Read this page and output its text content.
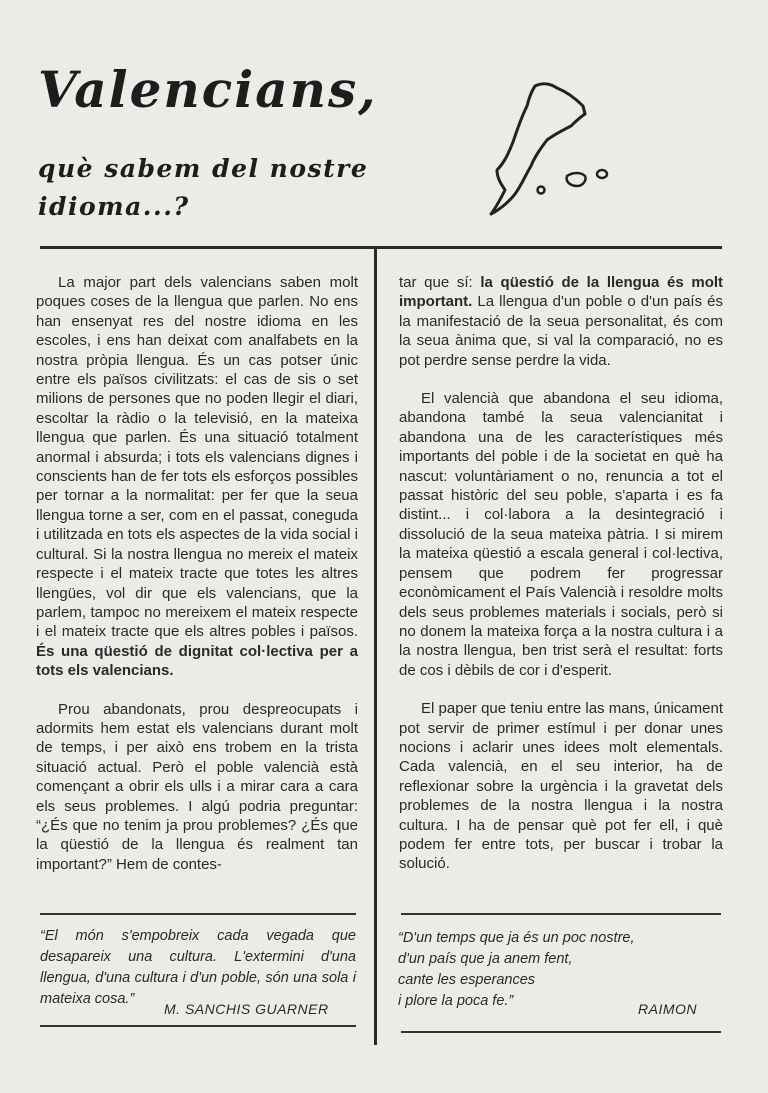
Valencians,
què sabem del nostre idioma...?

La major part dels valencians saben molt poques coses de la llengua que parlen. No ens han ensenyat res del nostre idioma en les escoles, i ens han deixat com analfabets en la nostra pròpia llengua. És un cas potser únic entre els països civilitzats: el cas de sis o set milions de persones que no poden llegir el diari, escoltar la ràdio o la televisió, en la mateixa llengua que parlen. És una situació totalment anormal i absurda; i tots els valencians dignes i conscients han de fer tots els esforços possibles per tornar a la normalitat: per fer que la seua llengua torne a ser, com en el passat, coneguda i utilitzada en tots els aspectes de la vida social i cultural. Si la nostra llengua no mereix el mateix respecte i el mateix tracte que totes les altres llengües, vol dir que els valencians, que la parlem, tampoc no mereixem el mateix respecte i el mateix tracte que els altres pobles i països. És una qüestió de dignitat col·lectiva per a tots els valencians.

Prou abandonats, prou despreocupats i adormits hem estat els valencians durant molt de temps, i per això ens trobem en la trista situació actual. Però el poble valencià està començant a obrir els ulls i a mirar cara a cara els seus problemes. I algú podria preguntar: “¿És que no tenim ja prou problemes? ¿És que la qüestió de la llengua és realment tan important?” Hem de contes-

tar que sí: la qüestió de la llengua és molt important. La llengua d'un poble o d'un país és la manifestació de la seua personalitat, és com la seua ànima que, si val la comparació, no es pot perdre sense perdre la vida.

El valencià que abandona el seu idioma, abandona també la seua valencianitat i abandona una de les característiques més importants del poble i de la societat en què ha nascut: voluntàriament o no, renuncia a tot el passat històric del seu poble, s'aparta i es fa distint... i col·labora a la desintegració i dissolució de la seua mateixa pàtria. I si mirem la mateixa qüestió a escala general i col·lectiva, pensem que podrem fer progressar econòmicament el País Valencià i resoldre molts dels seus problemes materials i socials, però si no donem la mateixa força a la nostra cultura i a la nostra llengua, ben trist serà el resultat: forts de cos i dèbils de cor i d'esperit.

El paper que teniu entre las mans, únicament pot servir de primer estímul i per donar unes nocions i aclarir unes idees molt elementals. Cada valencià, en el seu interior, ha de reflexionar sobre la urgència i la gravetat dels problemes de la nostra llengua i la nostra cultura. I ha de pensar què pot fer ell, i què podem fer entre tots, per buscar i trobar la solució.

“El món s'empobreix cada vegada que desapareix una cultura. L'extermini d'una llengua, d'una cultura i d'un poble, són una sola i mateixa cosa.”
M. SANCHIS GUARNER
“D'un temps que ja és un poc nostre,
d'un país que ja anem fent,
cante les esperances
i plore la poca fe.”	RAIMON
